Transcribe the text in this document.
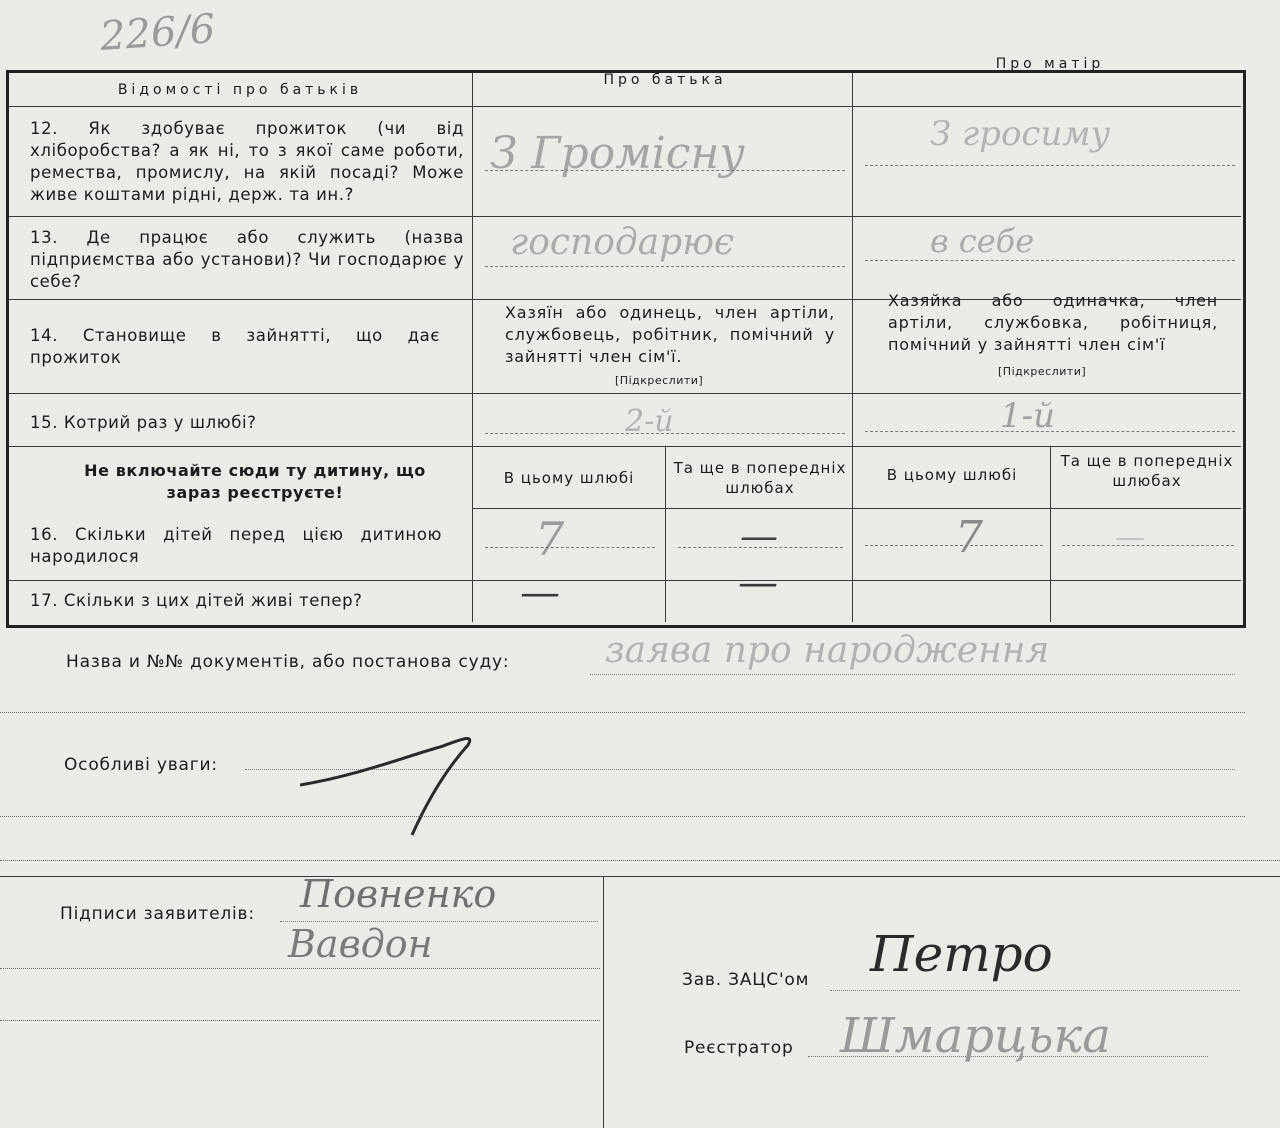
226/6
Відомості про батьків
Про батька
Про матір
12. Як здобуває прожиток (чи від хліборобства? а як ні, то з якої саме роботи, ремества, промислу, на якій посаді? Може живе коштами рідні, держ. та ин.?
З Громісну	З гросиму
13. Де працює або служить (назва підприємства або установи)? Чи господарює у себе?
господарює	в себе
14. Становище в зайнятті, що дає прожиток
Хазяїн або одинець, член артіли, службовець, робітник, помічний у зайнятті член сім'ї.
[Підкреслити]
Хазяйка або одиначка, член артіли, службовка, робітниця, помічний у зайнятті член сім'ї
[Підкреслити]
15. Котрий раз у шлюбі?	2-й	1-й
Не включайте сюди ту дитину, що зараз реєструєте!
В цьому шлюбі
Та ще в попередніх шлюбах
В цьому шлюбі
Та ще в попередніх шлюбах
16. Скільки дітей перед цією дитиною народилося	7	—	7	—
17. Скільки з цих дітей живі тепер?	—	—
Назва и №№ документів, або постанова суду:	заява про народження
Особливі уваги:
Підписи заявителів: Повненко
Вавдон
Зав. ЗАЦС'ом Петро
Реєстратор Шмарцька
